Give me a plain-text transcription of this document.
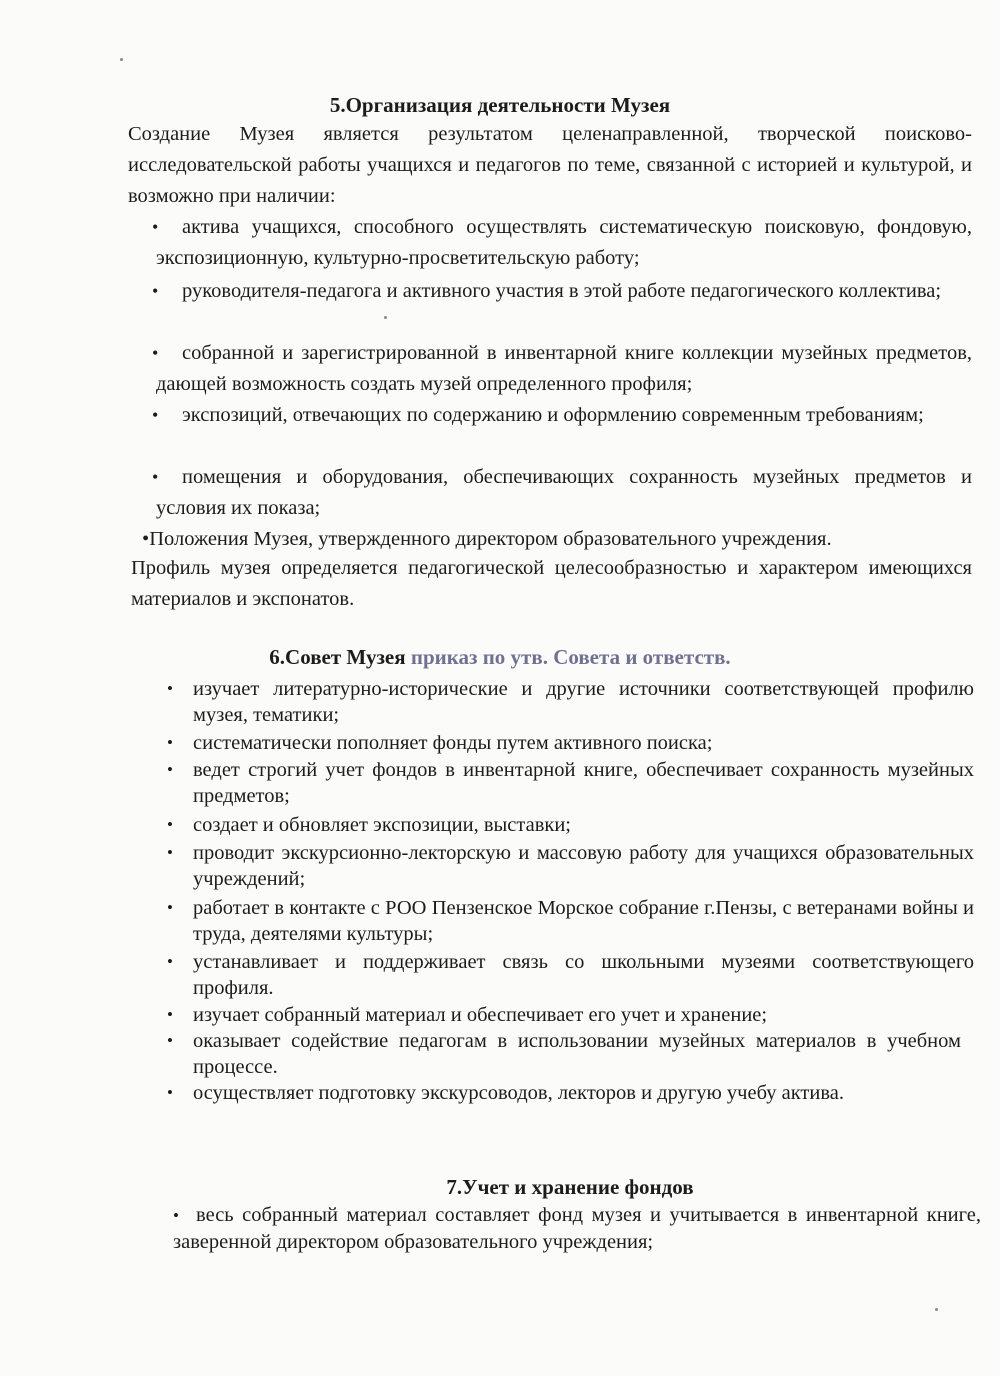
5.Организация деятельности Музея

Создание Музея является результатом целенаправленной, творческой поисково-исследовательской работы учащихся и педагогов по теме, связанной с историей и культурой, и возможно при наличии:

•	актива учащихся, способного осуществлять систематическую поисковую, фондовую, экспозиционную, культурно-просветительскую работу;
•	руководителя-педагога и активного участия в этой работе педагогического коллектива;
•	собранной и зарегистрированной в инвентарной книге коллекции музейных предметов, дающей возможность создать музей определенного профиля;
•	экспозиций, отвечающих по содержанию и оформлению современным требованиям;
•	помещения и оборудования, обеспечивающих сохранность музейных предметов и условия их показа;
•Положения Музея, утвержденного директором образовательного учреждения.

Профиль музея определяется педагогической целесообразностью и характером имеющихся материалов и экспонатов.

6.Совет Музея приказ по утв. Совета и ответств.
• изучает литературно-исторические и другие источники соответствующей профилю музея, тематики;
• систематически пополняет фонды путем активного поиска;
• ведет строгий учет фондов в инвентарной книге, обеспечивает сохранность музейных предметов;
• создает и обновляет экспозиции, выставки;
• проводит экскурсионно-лекторскую и массовую работу для учащихся образовательных учреждений;
• работает в контакте с РОО Пензенское Морское собрание г.Пензы, с ветеранами войны и труда, деятелями культуры;
• устанавливает и поддерживает связь со школьными музеями соответствующего профиля.
• изучает собранный материал и обеспечивает его учет и хранение;
• оказывает содействие педагогам в использовании музейных материалов в учебном процессе.
• осуществляет подготовку экскурсоводов, лекторов и другую учебу актива.
7.Учет и хранение фондов
• весь собранный материал составляет фонд музея и учитывается в инвентарной книге, заверенной директором образовательного учреждения;
